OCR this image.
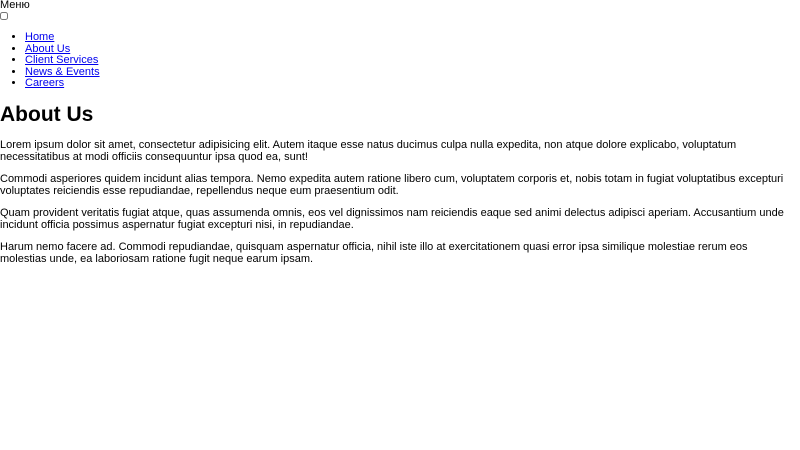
Меню
• Home
• About Us
• Client Services
• News & Events
• Careers
About Us

Lorem ipsum dolor sit amet, consectetur adipisicing elit. Autem itaque esse natus ducimus culpa nulla expedita, non atque dolore explicabo, voluptatum necessitatibus at modi officiis consequuntur ipsa quod ea, sunt!

Commodi asperiores quidem incidunt alias tempora. Nemo expedita autem ratione libero cum, voluptatem corporis et, nobis totam in fugiat voluptatibus excepturi voluptates reiciendis esse repudiandae, repellendus neque eum praesentium odit.

Quam provident veritatis fugiat atque, quas assumenda omnis, eos vel dignissimos nam reiciendis eaque sed animi delectus adipisci aperiam. Accusantium unde incidunt officia possimus aspernatur fugiat excepturi nisi, in repudiandae.

Harum nemo facere ad. Commodi repudiandae, quisquam aspernatur officia, nihil iste illo at exercitationem quasi error ipsa similique molestiae rerum eos molestias unde, ea laboriosam ratione fugit neque earum ipsam.
